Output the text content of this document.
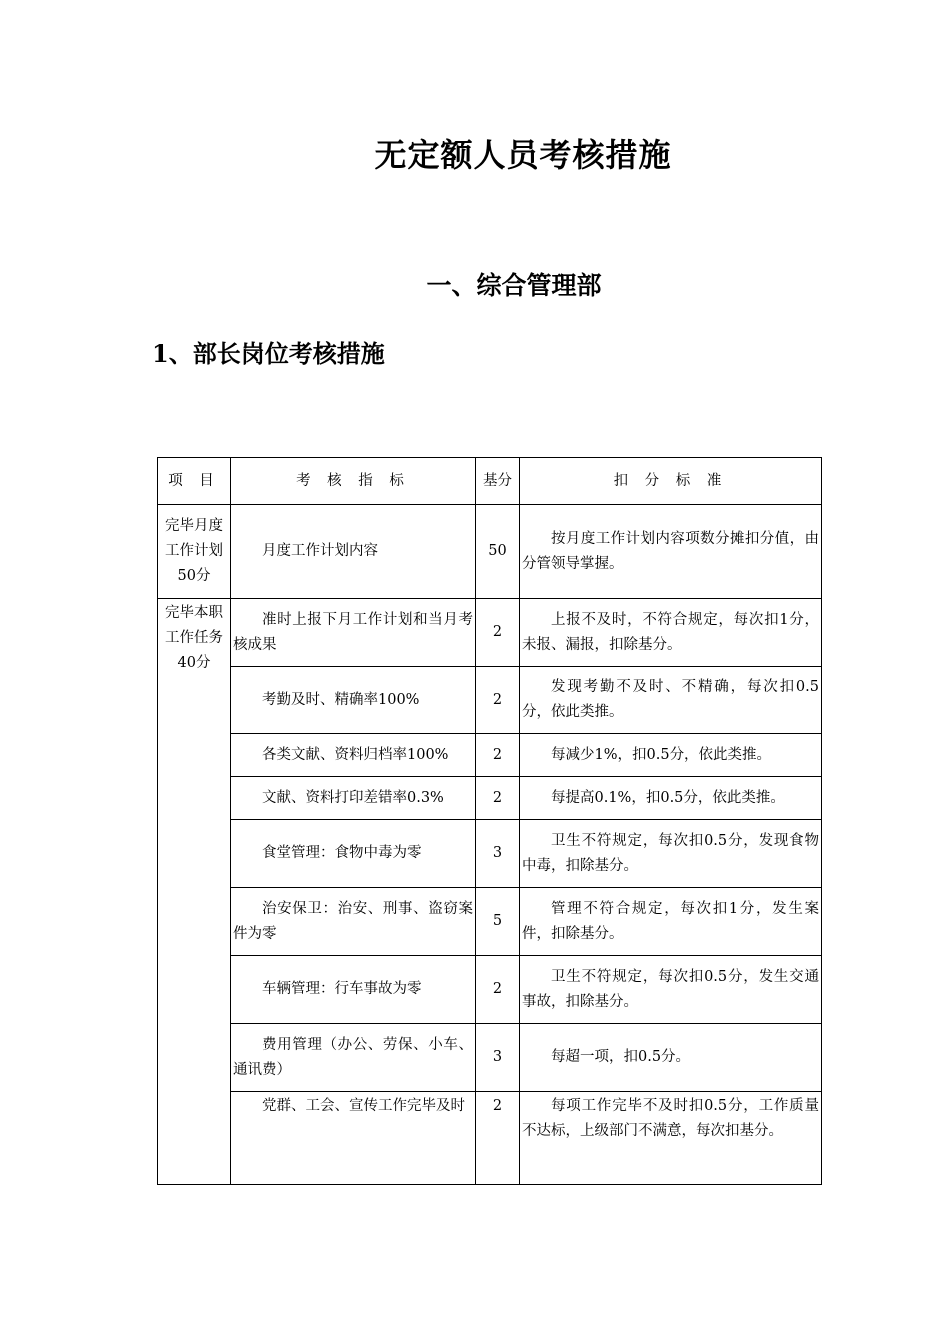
无定额人员考核措施
一、综合管理部
1、部长岗位考核措施
项 目	考 核 指 标	基分	扣 分 标 准
完毕月度工作计划50分	月度工作计划内容	50	按月度工作计划内容项数分摊扣分值，由分管领导掌握。
完毕本职工作任务40分	准时上报下月工作计划和当月考核成果	2	上报不及时，不符合规定，每次扣1分，未报、漏报，扣除基分。
	考勤及时、精确率100%	2	发现考勤不及时、不精确，每次扣0.5分，依此类推。
	各类文献、资料归档率100%	2	每减少1%，扣0.5分，依此类推。
	文献、资料打印差错率0.3%	2	每提高0.1%，扣0.5分，依此类推。
	食堂管理：食物中毒为零	3	卫生不符规定，每次扣0.5分，发现食物中毒，扣除基分。
	治安保卫：治安、刑事、盗窃案件为零	5	管理不符合规定，每次扣1分，发生案件，扣除基分。
	车辆管理：行车事故为零	2	卫生不符规定，每次扣0.5分，发生交通事故，扣除基分。
	费用管理（办公、劳保、小车、通讯费）	3	每超一项，扣0.5分。
	党群、工会、宣传工作完毕及时	2	每项工作完毕不及时扣0.5分，工作质量不达标，上级部门不满意，每次扣基分。
